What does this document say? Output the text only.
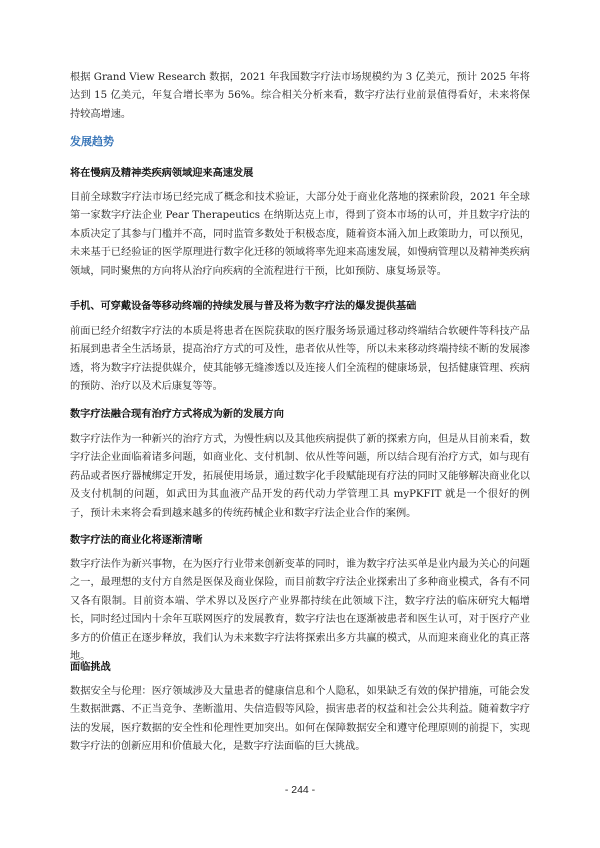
根据 Grand View Research 数据，2021 年我国数字疗法市场规模约为 3 亿美元，预计 2025 年将达到 15 亿美元，年复合增长率为 56%。综合相关分析来看，数字疗法行业前景值得看好，未来将保持较高增速。

发展趋势

将在慢病及精神类疾病领域迎来高速发展

目前全球数字疗法市场已经完成了概念和技术验证，大部分处于商业化落地的探索阶段，2021 年全球第一家数字疗法企业 Pear Therapeutics 在纳斯达克上市，得到了资本市场的认可，并且数字疗法的本质决定了其参与门槛并不高，同时监管多数处于积极态度，随着资本涌入加上政策助力，可以预见，未来基于已经验证的医学原理进行数字化迁移的领域将率先迎来高速发展，如慢病管理以及精神类疾病领域，同时聚焦的方向将从治疗向疾病的全流程进行干预，比如预防、康复场景等。

手机、可穿戴设备等移动终端的持续发展与普及将为数字疗法的爆发提供基础

前面已经介绍数字疗法的本质是将患者在医院获取的医疗服务场景通过移动终端结合软硬件等科技产品拓展到患者全生活场景，提高治疗方式的可及性，患者依从性等，所以未来移动终端持续不断的发展渗透，将为数字疗法提供媒介，使其能够无缝渗透以及连接人们全流程的健康场景，包括健康管理、疾病的预防、治疗以及术后康复等等。

数字疗法融合现有治疗方式将成为新的发展方向

数字疗法作为一种新兴的治疗方式，为慢性病以及其他疾病提供了新的探索方向，但是从目前来看，数字疗法企业面临着诸多问题，如商业化、支付机制、依从性等问题，所以结合现有治疗方式，如与现有药品或者医疗器械绑定开发，拓展使用场景，通过数字化手段赋能现有疗法的同时又能够解决商业化以及支付机制的问题，如武田为其血液产品开发的药代动力学管理工具 myPKFIT 就是一个很好的例子，预计未来将会看到越来越多的传统药械企业和数字疗法企业合作的案例。

数字疗法的商业化将逐渐清晰

数字疗法作为新兴事物，在为医疗行业带来创新变革的同时，谁为数字疗法买单是业内最为关心的问题之一，最理想的支付方自然是医保及商业保险，而目前数字疗法企业探索出了多种商业模式，各有不同又各有限制。目前资本端、学术界以及医疗产业界都持续在此领域下注，数字疗法的临床研究大幅增长，同时经过国内十余年互联网医疗的发展教育，数字疗法也在逐渐被患者和医生认可，对于医疗产业多方的价值正在逐步释放，我们认为未来数字疗法将探索出多方共赢的模式，从而迎来商业化的真正落地。

面临挑战

数据安全与伦理：医疗领域涉及大量患者的健康信息和个人隐私，如果缺乏有效的保护措施，可能会发生数据泄露、不正当竞争、垄断滥用、失信造假等风险，损害患者的权益和社会公共利益。随着数字疗法的发展，医疗数据的安全性和伦理性更加突出。如何在保障数据安全和遵守伦理原则的前提下，实现数字疗法的创新应用和价值最大化，是数字疗法面临的巨大挑战。

- 244 -
